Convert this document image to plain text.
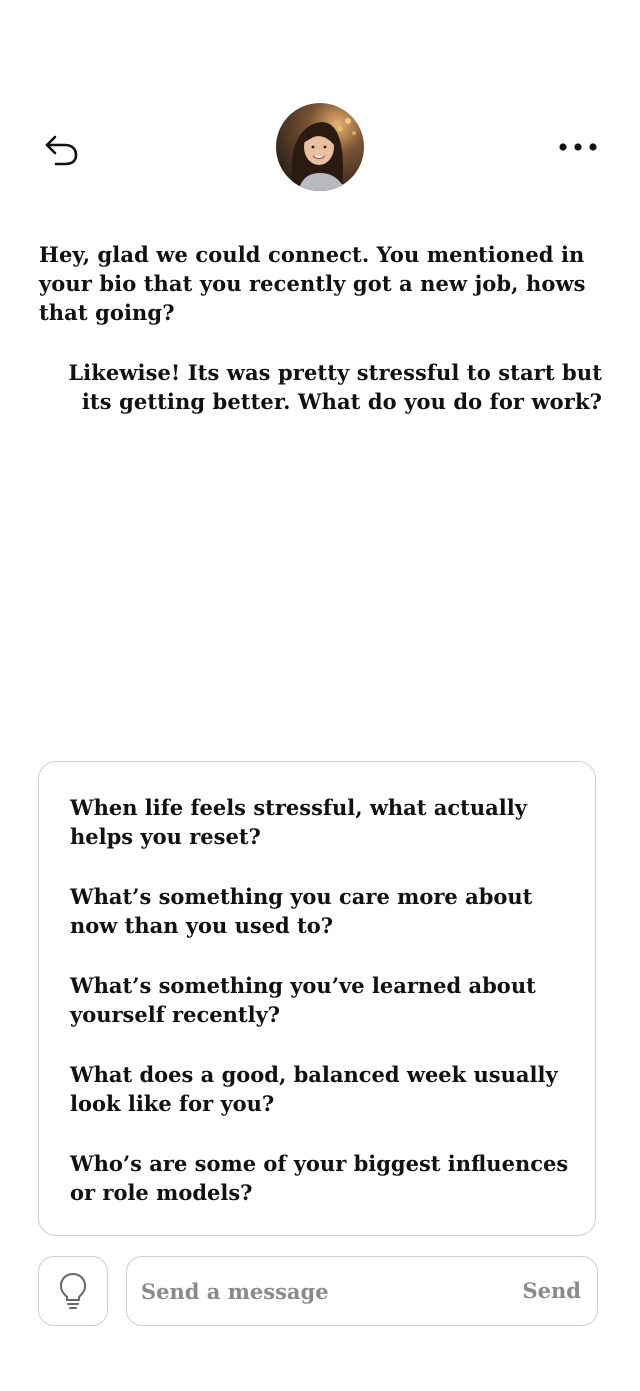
Hey, glad we could connect. You mentioned in your bio that you recently got a new job, hows that going?
Likewise! Its was pretty stressful to start but its getting better. What do you do for work?
When life feels stressful, what actually helps you reset?
What’s something you care more about now than you used to?
What’s something you’ve learned about yourself recently?
What does a good, balanced week usually look like for you?
Who’s are some of your biggest influences or role models?
Send a message
Send
